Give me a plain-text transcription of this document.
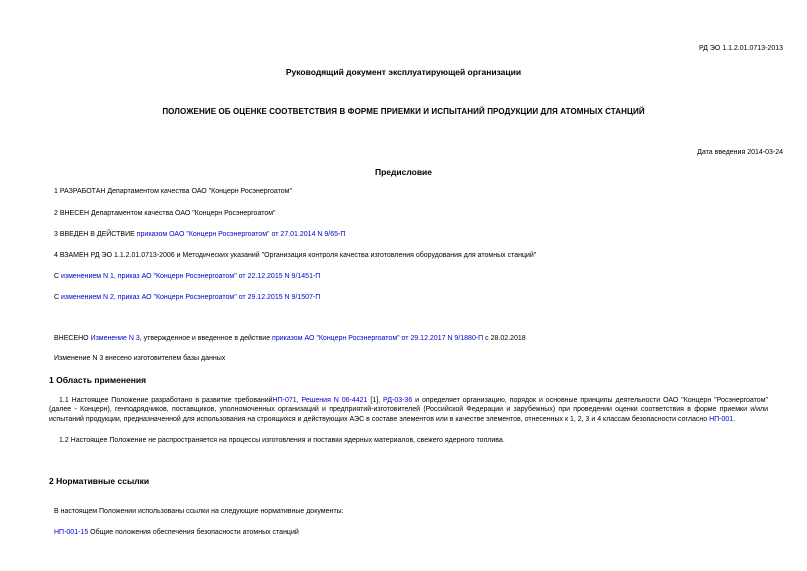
РД ЭО 1.1.2.01.0713-2013
Руководящий документ эксплуатирующей организации
ПОЛОЖЕНИЕ ОБ ОЦЕНКЕ СООТВЕТСТВИЯ В ФОРМЕ ПРИЕМКИ И ИСПЫТАНИЙ ПРОДУКЦИИ ДЛЯ АТОМНЫХ СТАНЦИЙ
Дата введения 2014-03-24
Предисловие
1 РАЗРАБОТАН Департаментом качества ОАО "Концерн Росэнергоатом"
2 ВНЕСЕН Департаментом качества ОАО "Концерн Росэнергоатом"
3 ВВЕДЕН В ДЕЙСТВИЕ приказом ОАО "Концерн Росэнергоатом" от 27.01.2014 N 9/65-П
4 ВЗАМЕН РД ЭО 1.1.2.01.0713-2006 и Методических указаний "Организация контроля качества изготовления оборудования для атомных станций"
С изменением N 1, приказ АО "Концерн Росэнергоатом" от 22.12.2015 N 9/1451-П
С изменением N 2, приказ АО "Концерн Росэнергоатом" от 29.12.2015 N 9/1507-П
ВНЕСЕНО Изменение N 3, утвержденное и введенное в действие приказом АО "Концерн Росэнергоатом" от 29.12.2017 N 9/1880-П с 28.02.2018
Изменение N 3 внесено изготовителем базы данных
1 Область применения
1.1 Настоящее Положение разработано в развитие требованийНП-071, Решения N 06-4421 [1], РД-03-36 и определяет организацию, порядок и основные принципы деятельности ОАО "Концерн "Росэнергоатом" (далее - Концерн), генподрядчиков, поставщиков, уполномоченных организаций и предприятий-изготовителей (Российской Федерации и зарубежных) при проведении оценки соответствия в форме приемки и/или испытаний продукции, предназначенной для использования на строящихся и действующих АЭС в составе элементов или в качестве элементов, отнесенных к 1, 2, 3 и 4 классам безопасности согласно НП-001.
1.2 Настоящее Положение не распространяется на процессы изготовления и поставки ядерных материалов, свежего ядерного топлива.
2 Нормативные ссылки
В настоящем Положении использованы ссылки на следующие нормативные документы:
НП-001-15 Общие положения обеспечения безопасности атомных станций
